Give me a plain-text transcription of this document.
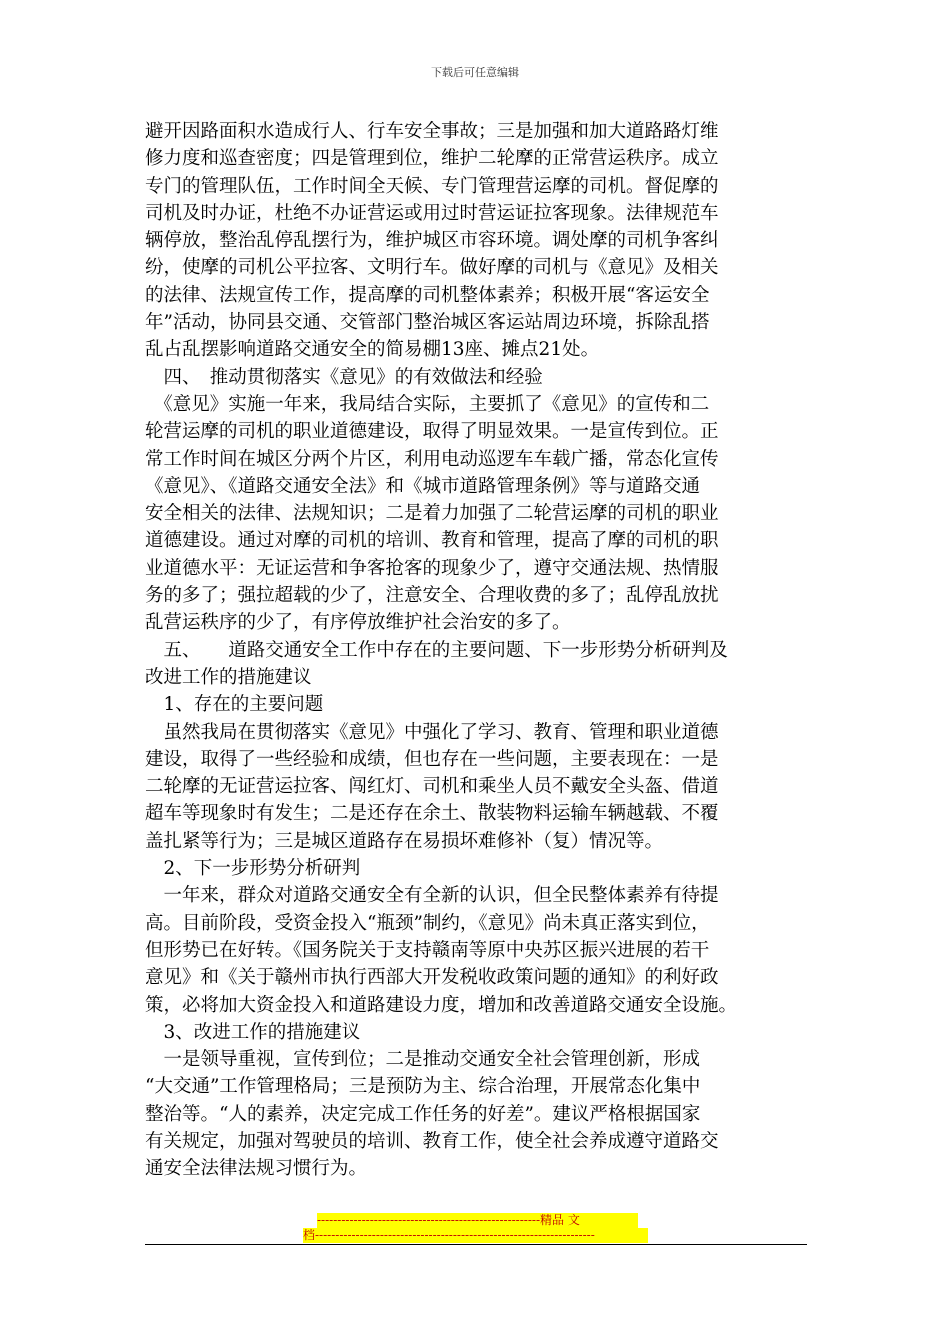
下载后可任意编辑
避开因路面积水造成行人、行车安全事故；三是加强和加大道路路灯维
修力度和巡查密度；四是管理到位，维护二轮摩的正常营运秩序。成立
专门的管理队伍，工作时间全天候、专门管理营运摩的司机。督促摩的
司机及时办证，杜绝不办证营运或用过时营运证拉客现象。法律规范车
辆停放，整治乱停乱摆行为，维护城区市容环境。调处摩的司机争客纠
纷，使摩的司机公平拉客、文明行车。做好摩的司机与《意见》及相关
的法律、法规宣传工作，提高摩的司机整体素养；积极开展“客运安全
年”活动，协同县交通、交管部门整治城区客运站周边环境，拆除乱搭
乱占乱摆影响道路交通安全的简易棚13座、摊点21处。
　四、　推动贯彻落实《意见》的有效做法和经验
　《意见》实施一年来，我局结合实际，主要抓了《意见》的宣传和二
轮营运摩的司机的职业道德建设，取得了明显效果。一是宣传到位。正
常工作时间在城区分两个片区，利用电动巡逻车车载广播，常态化宣传
《意见》、《道路交通安全法》和《城市道路管理条例》等与道路交通
安全相关的法律、法规知识；二是着力加强了二轮营运摩的司机的职业
道德建设。通过对摩的司机的培训、教育和管理，提高了摩的司机的职
业道德水平：无证运营和争客抢客的现象少了，遵守交通法规、热情服
务的多了；强拉超载的少了，注意安全、合理收费的多了；乱停乱放扰
乱营运秩序的少了，有序停放维护社会治安的多了。
　五、　　道路交通安全工作中存在的主要问题、下一步形势分析研判及
改进工作的措施建议
　1、存在的主要问题
　虽然我局在贯彻落实《意见》中强化了学习、教育、管理和职业道德
建设，取得了一些经验和成绩，但也存在一些问题，主要表现在：一是
二轮摩的无证营运拉客、闯红灯、司机和乘坐人员不戴安全头盔、借道
超车等现象时有发生；二是还存在余土、散装物料运输车辆越载、不覆
盖扎紧等行为；三是城区道路存在易损坏难修补（复）情况等。
　2、下一步形势分析研判
　一年来，群众对道路交通安全有全新的认识，但全民整体素养有待提
高。目前阶段，受资金投入“瓶颈”制约，《意见》尚未真正落实到位，
但形势已在好转。《国务院关于支持赣南等原中央苏区振兴进展的若干
意见》和《关于赣州市执行西部大开发税收政策问题的通知》的利好政
策，必将加大资金投入和道路建设力度，增加和改善道路交通安全设施。
　3、改进工作的措施建议
　一是领导重视，宣传到位；二是推动交通安全社会管理创新，形成
“大交通”工作管理格局；三是预防为主、综合治理，开展常态化集中
整治等。“人的素养，决定完成工作任务的好差”。建议严格根据国家
有关规定，加强对驾驶员的培训、教育工作，使全社会养成遵守道路交
通安全法律法规习惯行为。
-------------------------------------------------------精品 文
档---------------------------------------------------------------------
